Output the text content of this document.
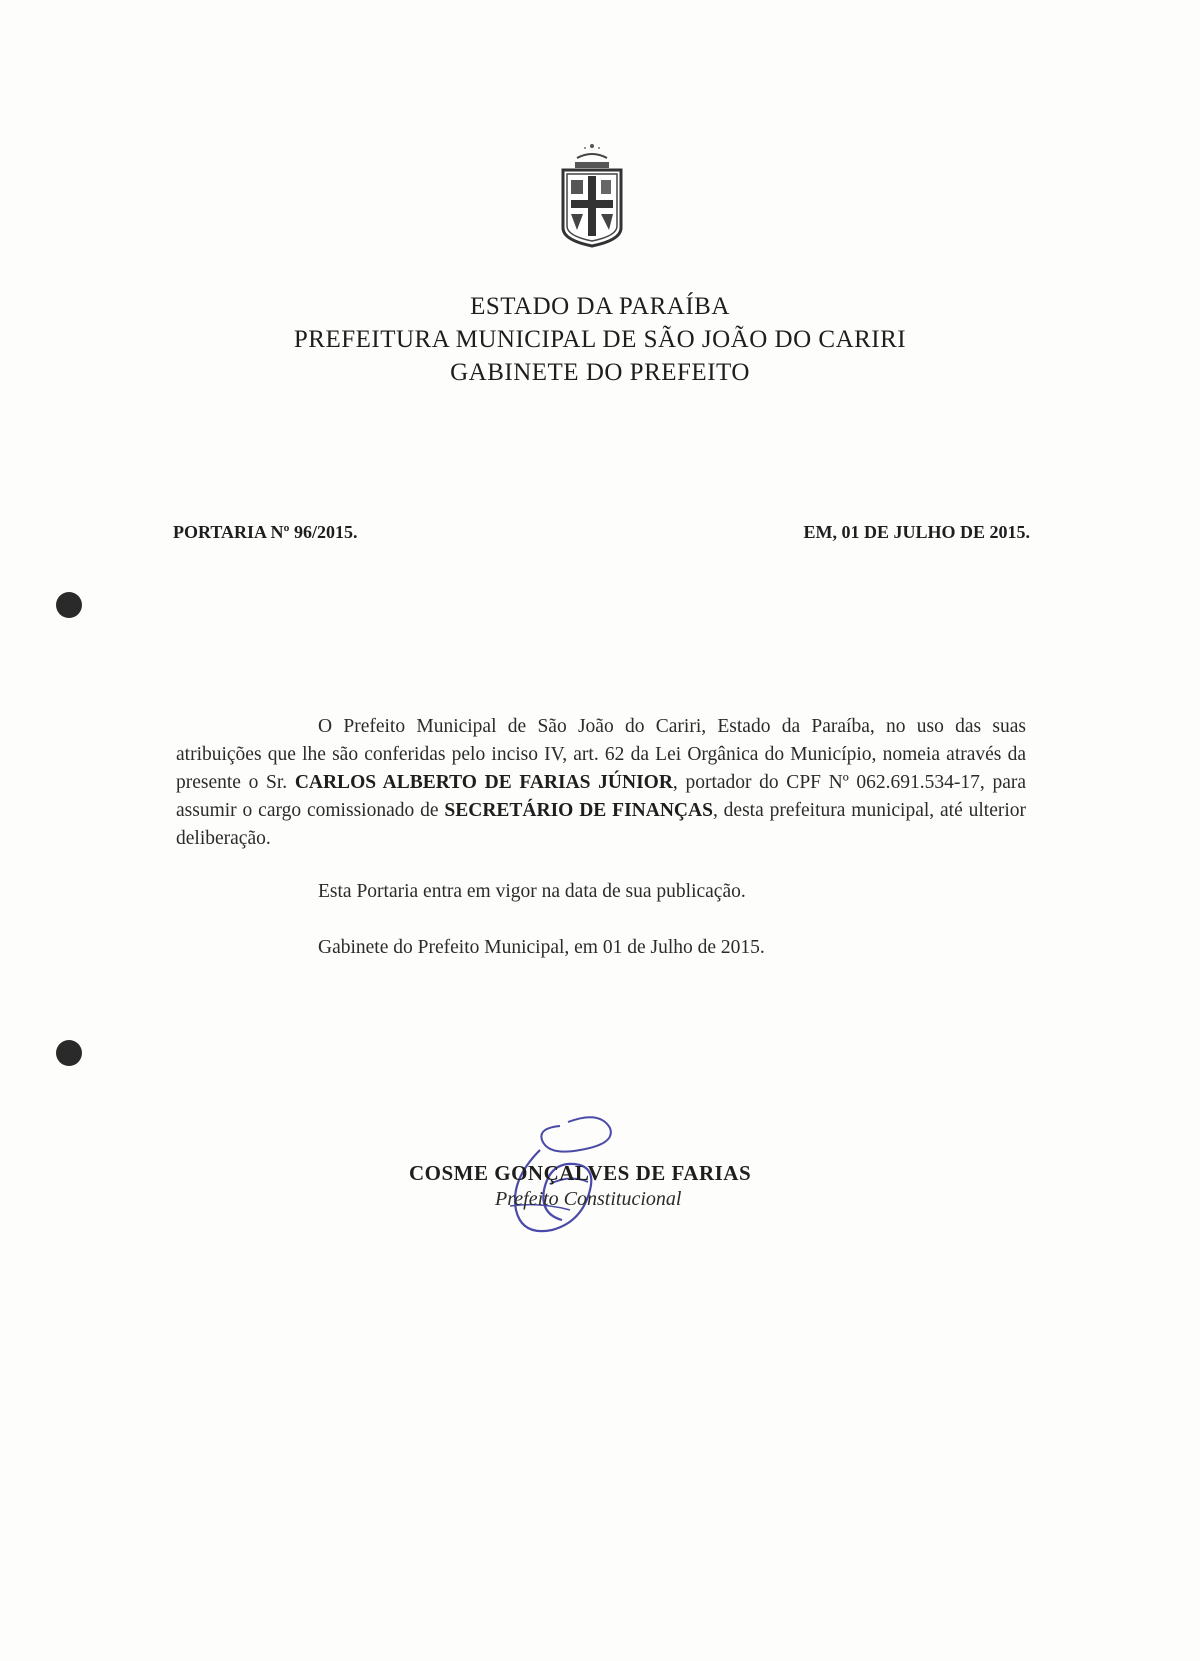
ESTADO DA PARAÍBA
PREFEITURA MUNICIPAL DE SÃO JOÃO DO CARIRI
GABINETE DO PREFEITO
PORTARIA Nº 96/2015.	EM, 01 DE JULHO DE 2015.

O Prefeito Municipal de São João do Cariri, Estado da Paraíba, no uso das suas atribuições que lhe são conferidas pelo inciso IV, art. 62 da Lei Orgânica do Município, nomeia através da presente o Sr. CARLOS ALBERTO DE FARIAS JÚNIOR, portador do CPF Nº 062.691.534-17, para assumir o cargo comissionado de SECRETÁRIO DE FINANÇAS, desta prefeitura municipal, até ulterior deliberação.

Esta Portaria entra em vigor na data de sua publicação.
Gabinete do Prefeito Municipal, em 01 de Julho de 2015.
COSME GONÇALVES DE FARIAS
Prefeito Constitucional
